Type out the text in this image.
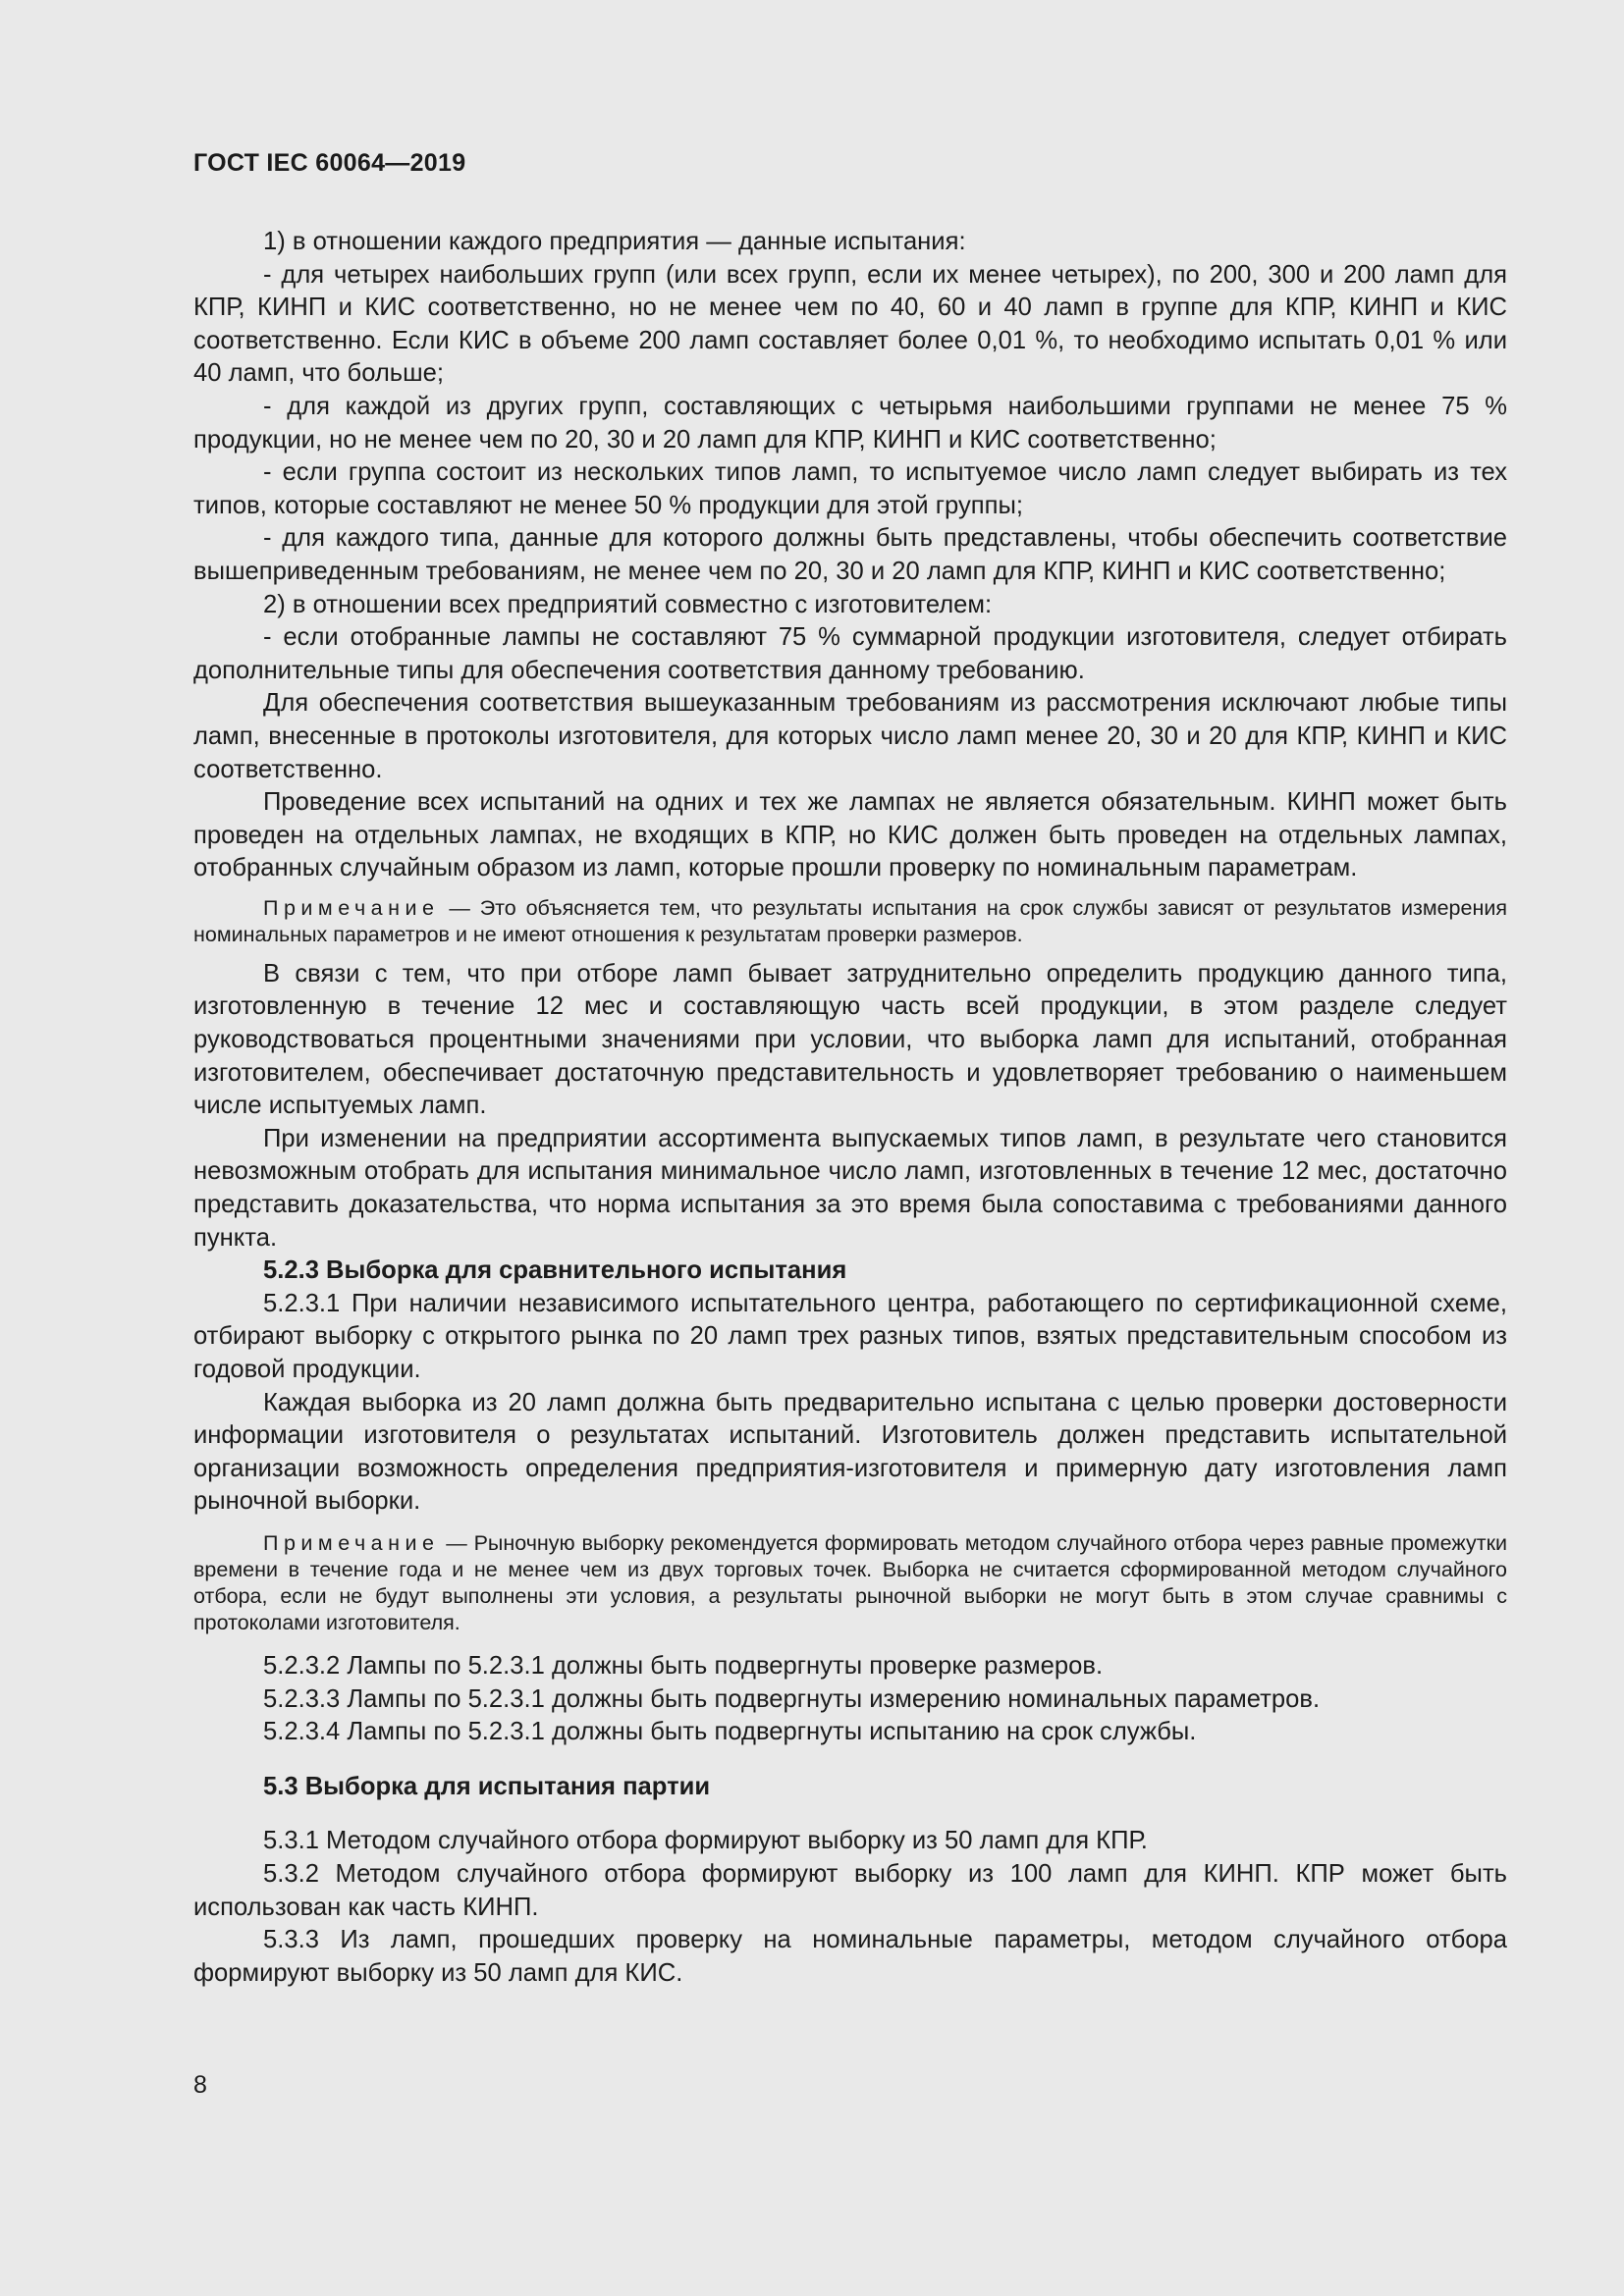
ГОСТ IEC 60064—2019

1) в отношении каждого предприятия — данные испытания:

- для четырех наибольших групп (или всех групп, если их менее четырех), по 200, 300 и 200 ламп для КПР, КИНП и КИС соответственно, но не менее чем по 40, 60 и 40 ламп в группе для КПР, КИНП и КИС соответственно. Если КИС в объеме 200 ламп составляет более 0,01 %, то необходимо испытать 0,01 % или 40 ламп, что больше;

- для каждой из других групп, составляющих с четырьмя наибольшими группами не менее 75 % продукции, но не менее чем по 20, 30 и 20 ламп для КПР, КИНП и КИС соответственно;

- если группа состоит из нескольких типов ламп, то испытуемое число ламп следует выбирать из тех типов, которые составляют не менее 50 % продукции для этой группы;

- для каждого типа, данные для которого должны быть представлены, чтобы обеспечить соответствие вышеприведенным требованиям, не менее чем по 20, 30 и 20 ламп для КПР, КИНП и КИС соответственно;

2) в отношении всех предприятий совместно с изготовителем:

- если отобранные лампы не составляют 75 % суммарной продукции изготовителя, следует отбирать дополнительные типы для обеспечения соответствия данному требованию.

Для обеспечения соответствия вышеуказанным требованиям из рассмотрения исключают любые типы ламп, внесенные в протоколы изготовителя, для которых число ламп менее 20, 30 и 20 для КПР, КИНП и КИС соответственно.

Проведение всех испытаний на одних и тех же лампах не является обязательным. КИНП может быть проведен на отдельных лампах, не входящих в КПР, но КИС должен быть проведен на отдельных лампах, отобранных случайным образом из ламп, которые прошли проверку по номинальным параметрам.

Примечание — Это объясняется тем, что результаты испытания на срок службы зависят от результатов измерения номинальных параметров и не имеют отношения к результатам проверки размеров.

В связи с тем, что при отборе ламп бывает затруднительно определить продукцию данного типа, изготовленную в течение 12 мес и составляющую часть всей продукции, в этом разделе следует руководствоваться процентными значениями при условии, что выборка ламп для испытаний, отобранная изготовителем, обеспечивает достаточную представительность и удовлетворяет требованию о наименьшем числе испытуемых ламп.

При изменении на предприятии ассортимента выпускаемых типов ламп, в результате чего становится невозможным отобрать для испытания минимальное число ламп, изготовленных в течение 12 мес, достаточно представить доказательства, что норма испытания за это время была сопоставима с требованиями данного пункта.

5.2.3 Выборка для сравнительного испытания

5.2.3.1 При наличии независимого испытательного центра, работающего по сертификационной схеме, отбирают выборку с открытого рынка по 20 ламп трех разных типов, взятых представительным способом из годовой продукции.

Каждая выборка из 20 ламп должна быть предварительно испытана с целью проверки достоверности информации изготовителя о результатах испытаний. Изготовитель должен представить испытательной организации возможность определения предприятия-изготовителя и примерную дату изготовления ламп рыночной выборки.

Примечание — Рыночную выборку рекомендуется формировать методом случайного отбора через равные промежутки времени в течение года и не менее чем из двух торговых точек. Выборка не считается сформированной методом случайного отбора, если не будут выполнены эти условия, а результаты рыночной выборки не могут быть в этом случае сравнимы с протоколами изготовителя.

5.2.3.2 Лампы по 5.2.3.1 должны быть подвергнуты проверке размеров.

5.2.3.3 Лампы по 5.2.3.1 должны быть подвергнуты измерению номинальных параметров.

5.2.3.4 Лампы по 5.2.3.1 должны быть подвергнуты испытанию на срок службы.

5.3 Выборка для испытания партии

5.3.1 Методом случайного отбора формируют выборку из 50 ламп для КПР.

5.3.2 Методом случайного отбора формируют выборку из 100 ламп для КИНП. КПР может быть использован как часть КИНП.

5.3.3 Из ламп, прошедших проверку на номинальные параметры, методом случайного отбора формируют выборку из 50 ламп для КИС.

8
